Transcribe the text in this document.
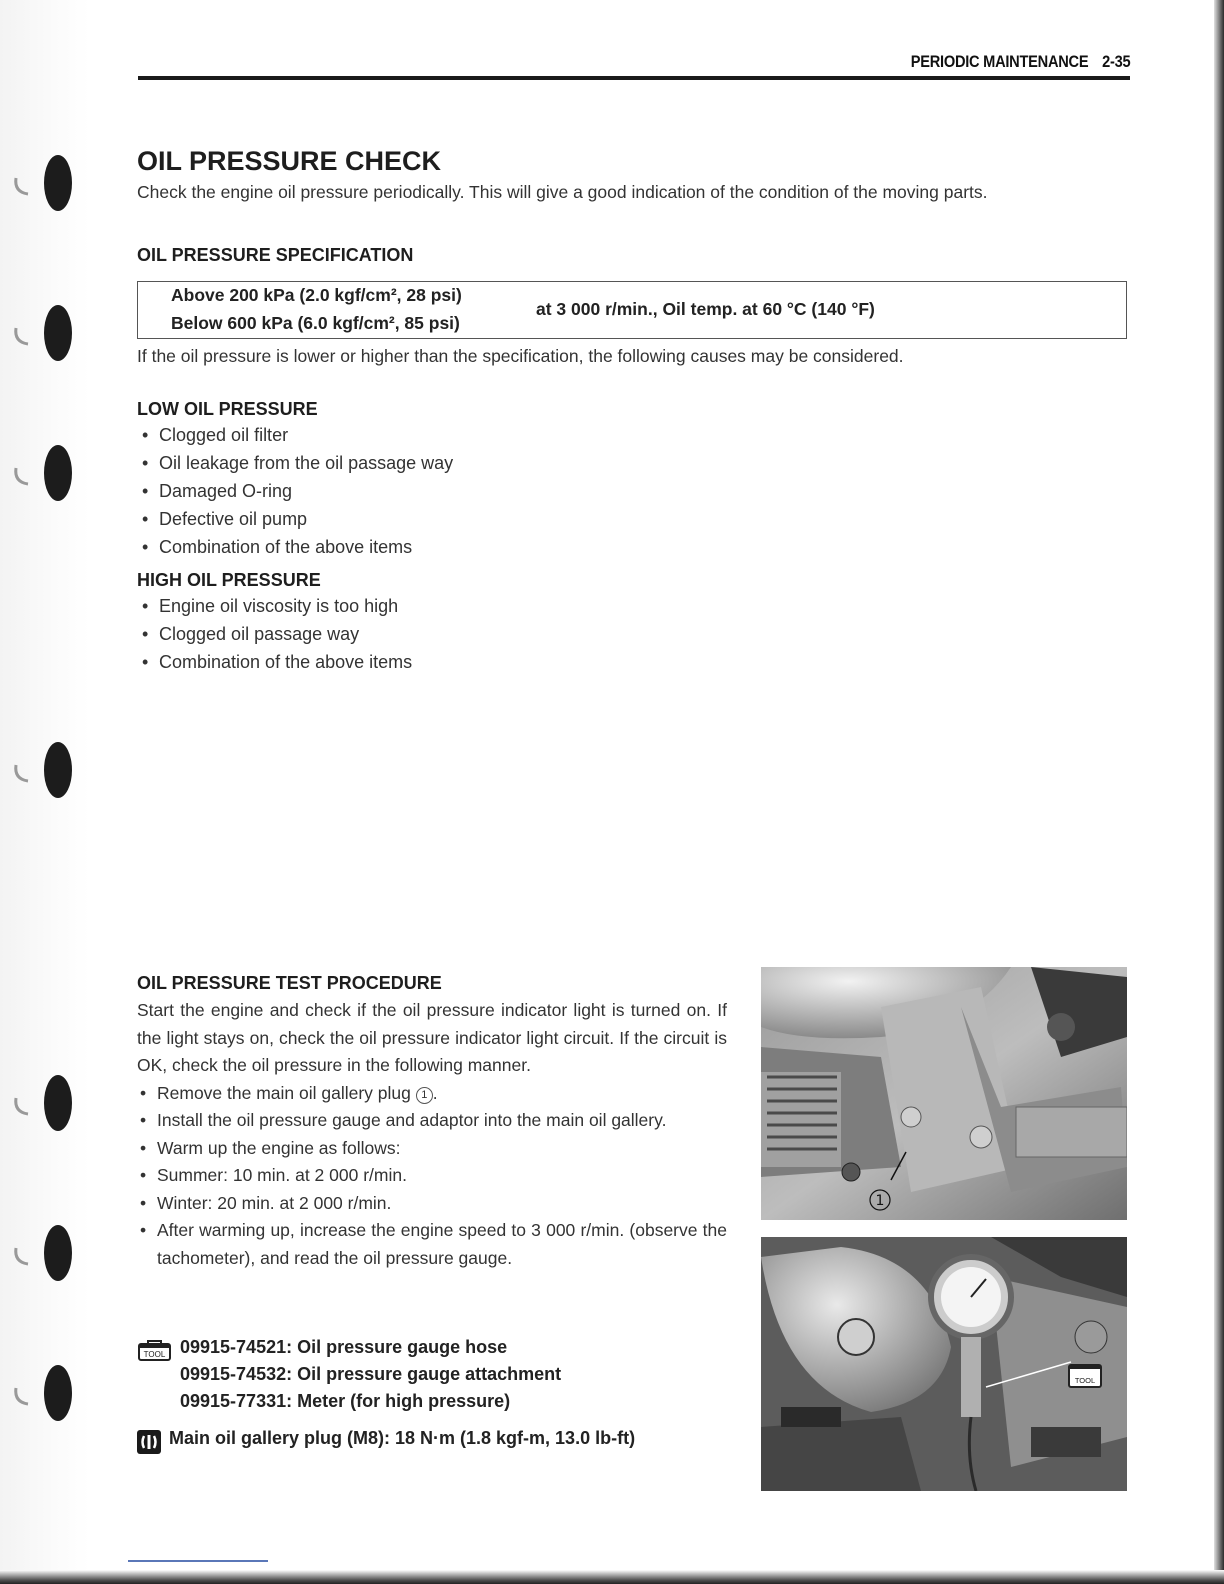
PERIODIC MAINTENANCE 2-35
OIL PRESSURE CHECK

Check the engine oil pressure periodically. This will give a good indication of the condition of the moving parts.

OIL PRESSURE SPECIFICATION
Above 200 kPa (2.0 kgf/cm², 28 psi)
Below 600 kPa (6.0 kgf/cm², 85 psi)
at 3 000 r/min., Oil temp. at 60 °C (140 °F)

If the oil pressure is lower or higher than the specification, the following causes may be considered.

LOW OIL PRESSURE
• Clogged oil filter
• Oil leakage from the oil passage way
• Damaged O-ring
• Defective oil pump
• Combination of the above items
HIGH OIL PRESSURE
• Engine oil viscosity is too high
• Clogged oil passage way
• Combination of the above items
OIL PRESSURE TEST PROCEDURE

Start the engine and check if the oil pressure indicator light is turned on. If the light stays on, check the oil pressure indicator light circuit. If the circuit is OK, check the oil pressure in the following manner.

• Remove the main oil gallery plug 1 .
• Install the oil pressure gauge and adaptor into the main oil gallery.
• Warm up the engine as follows:
• Summer: 10 min. at 2 000 r/min.
• Winter: 20 min. at 2 000 r/min.
• After warming up, increase the engine speed to 3 000 r/min. (observe the tachometer), and read the oil pressure gauge.
TOOL 09915-74521: Oil pressure gauge hose
09915-74532: Oil pressure gauge attachment
09915-77331: Meter (for high pressure)
Main oil gallery plug (M8): 18 N·m (1.8 kgf-m, 13.0 lb-ft)
1
TOOL
